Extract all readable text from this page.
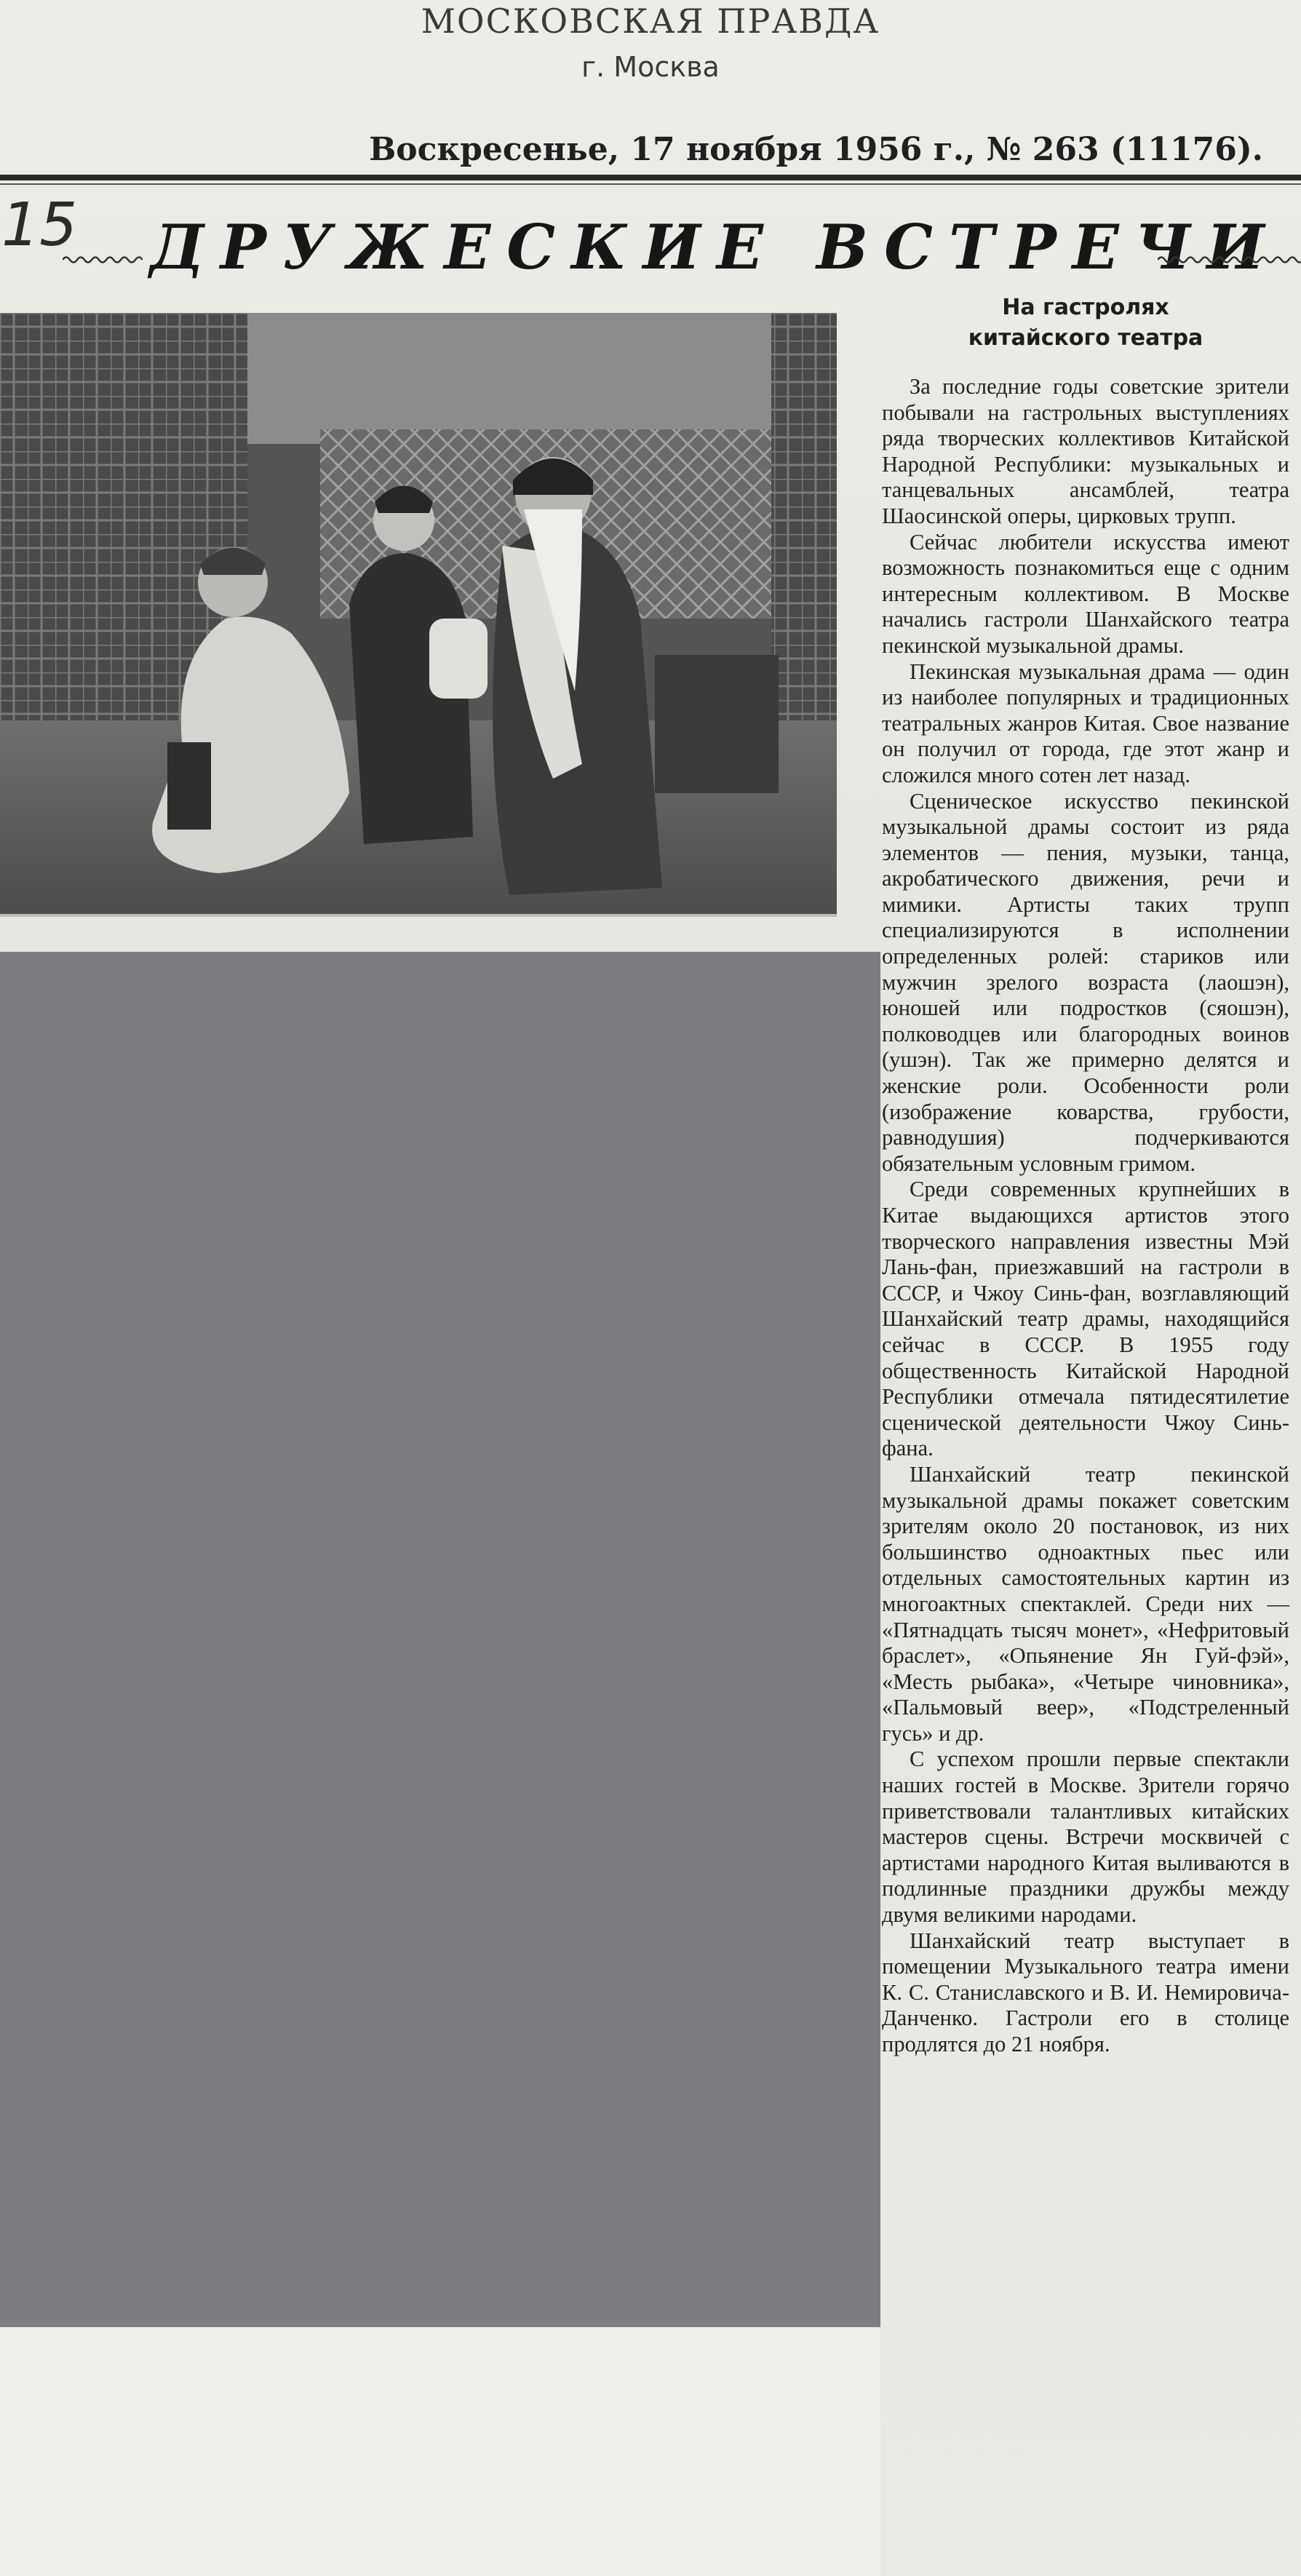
МОСКОВСКАЯ ПРАВДА
г. Москва
Воскресенье, 17 ноября 1956 г., № 263 (11176).
15 ДРУЖЕСКИЕ ВСТРЕЧИ
На гастролях китайского театра

За последние годы советские зрители побывали на гастрольных выступлениях ряда творческих коллективов Китайской Народной Республики: музыкальных и танцевальных ансамблей, театра Шаосинской оперы, цирковых трупп.

Сейчас любители искусства имеют возможность познакомиться еще с одним интересным коллективом. В Москве начались гастроли Шанхайского театра пекинской музыкальной драмы.

Пекинская музыкальная драма — один из наиболее популярных и традиционных театральных жанров Китая. Свое название он получил от города, где этот жанр и сложился много сотен лет назад.

Сценическое искусство пекинской музыкальной драмы состоит из ряда элементов — пения, музыки, танца, акробатического движения, речи и мимики. Артисты таких трупп специализируются в исполнении определенных ролей: стариков или мужчин зрелого возраста (лаошэн), юношей или подростков (сяошэн), полководцев или благородных воинов (ушэн). Так же примерно делятся и женские роли. Особенности роли (изображение коварства, грубости, равнодушия) подчеркиваются обязательным условным гримом.

Среди современных крупнейших в Китае выдающихся артистов этого творческого направления известны Мэй Лань-фан, приезжавший на гастроли в СССР, и Чжоу Синь-фан, возглавляющий Шанхайский театр драмы, находящийся сейчас в СССР. В 1955 году общественность Китайской Народной Республики отмечала пятидесятилетие сценической деятельности Чжоу Синь-фана.

Шанхайский театр пекинской музыкальной драмы покажет советским зрителям около 20 постановок, из них большинство одноактных пьес или отдельных самостоятельных картин из многоактных спектаклей. Среди них — «Пятнадцать тысяч монет», «Нефритовый браслет», «Опьянение Ян Гуй-фэй», «Месть рыбака», «Четыре чиновника», «Пальмовый веер», «Подстреленный гусь» и др.

С успехом прошли первые спектакли наших гостей в Москве. Зрители горячо приветствовали талантливых китайских мастеров сцены. Встречи москвичей с артистами народного Китая выливаются в подлинные праздники дружбы между двумя великими народами.

Шанхайский театр выступает в помещении Музыкального театра имени К. С. Станиславского и В. И. Немировича-Данченко. Гастроли его в столице продлятся до 21 ноября.
